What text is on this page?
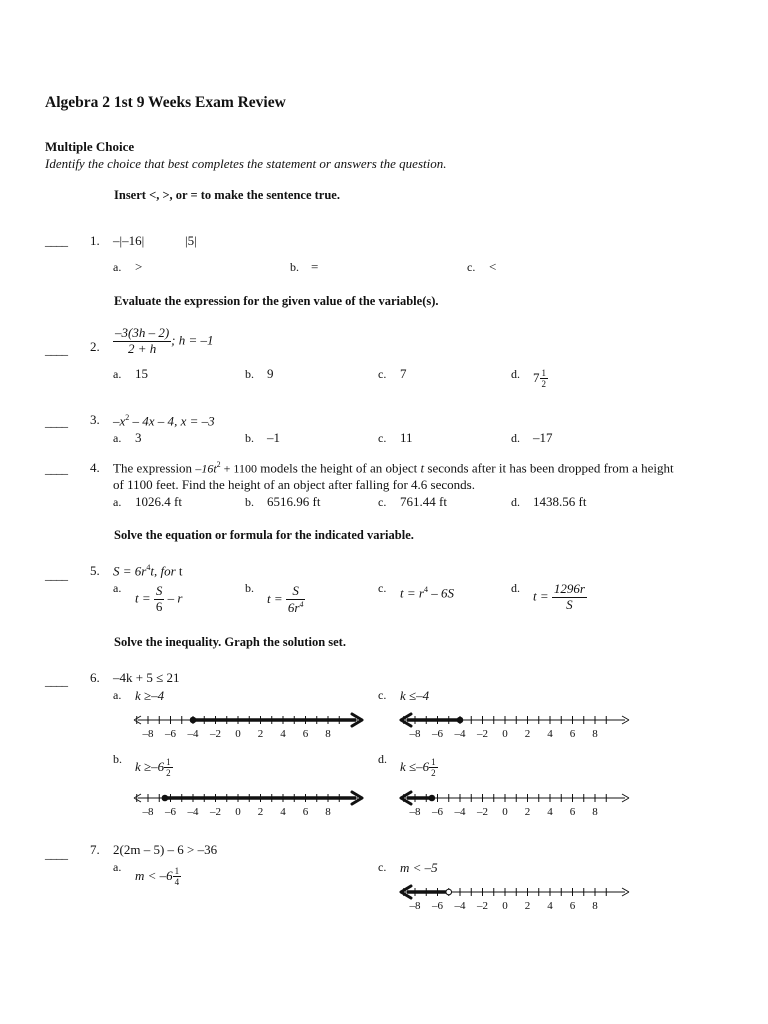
Algebra 2 1st 9 Weeks Exam Review
Multiple Choice
Identify the choice that best completes the statement or answers the question.
Insert <, >, or = to make the sentence true.
____ 1. –|–16|	|5|
a. >	b. =	c. <
Evaluate the expression for the given value of the variable(s).
____ 2. $\frac{-3(3h - 2)}{2 + h}$ ; h = –1
a. 15	b. 9	c. 7	d. $7 \frac{1}{2}$
____ 3. $-x^2 - 4x - 4$, x = –3
a. 3	b. –1	c. 11	d. –17
____ 4. The expression $-16t^2 + 1100$ models the height of an object t seconds after it has been dropped from a height
of 1100 feet. Find the height of an object after falling for 4.6 seconds.
a. 1026.4 ft	b. 6516.96 ft	c. 761.44 ft	d. 1438.56 ft
Solve the equation or formula for the indicated variable.
____ 5. $S = 6r^4t$, for t
a.
$t = \frac{S}{6} - r$
b.
$t = \frac{S}{6r^4}$	c. $t = r^4 - 6S$	d.
$t = \frac{1296r}{S}$
Solve the inequality. Graph the solution set.
____ 6. –4k + 5 ≤ 21
a. k ≥–4	c. k ≤–4
b. $k \ge-6 \frac{1}{2}$	d. $k \le-6 \frac{1}{2}$
____ 7. 2(2m – 5) – 6 > –36
a.
$m < -6 \frac{1}{4}$	c. m < –5
–8 –6 –4 –2 0 2 4 6 8	–8 –6 –4 –2 0 2 4 6 8
–8 –6 –4 –2 0 2 4 6 8	–8 –6 –4 –2 0 2 4 6 8
–8 –6 –4 –2 0 2 4 6 8
